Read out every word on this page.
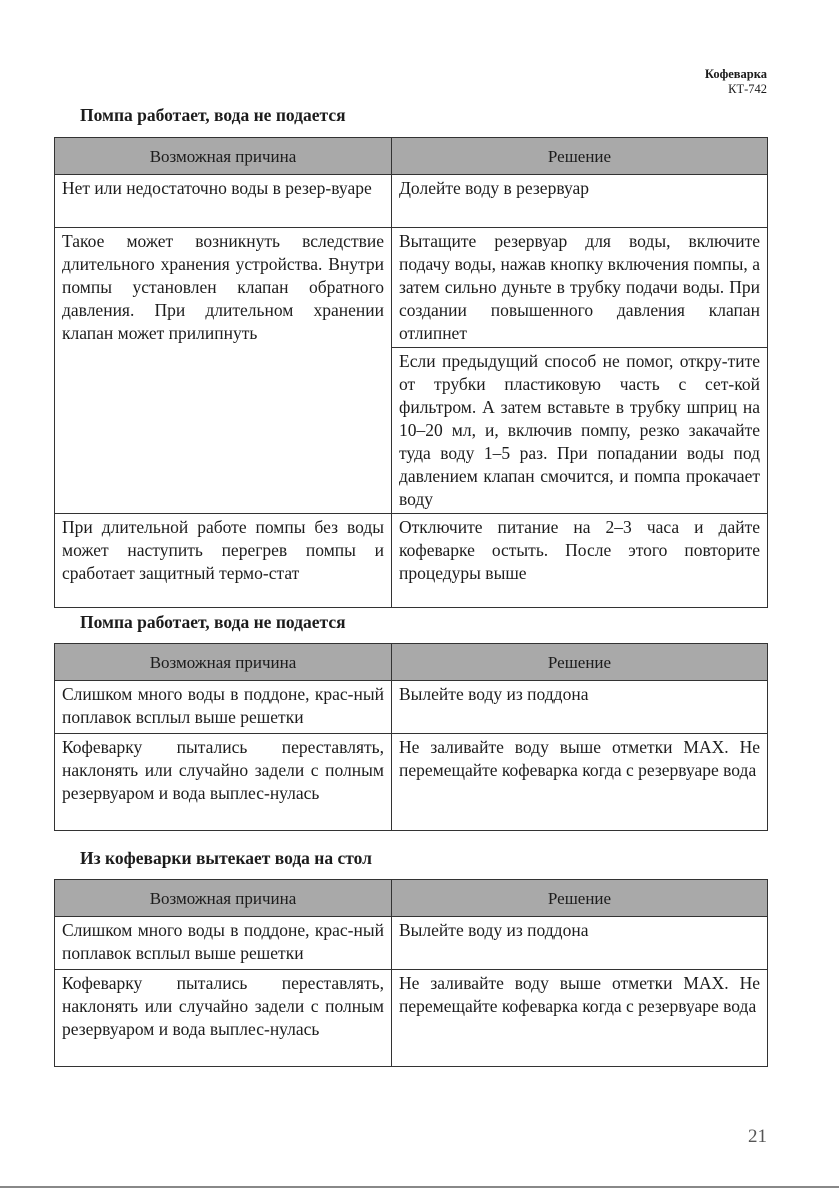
Кофеварка
КТ-742
Помпа работает, вода не подается
Возможная причина	Решение
Нет или недостаточно воды в резер-вуаре	Долейте воду в резервуар
Такое может возникнуть вследствие длительного хранения устройства. Внутри помпы установлен клапан обратного давления. При длительном хранении клапан может прилипнуть	Вытащите резервуар для воды, включите подачу воды, нажав кнопку включения помпы, а затем сильно дуньте в трубку подачи воды. При создании повышенного давления клапан отлипнет
	Если предыдущий способ не помог, откру-тите от трубки пластиковую часть с сет-кой фильтром. А затем вставьте в трубку шприц на 10–20 мл, и, включив помпу, резко закачайте туда воду 1–5 раз. При попадании воды под давлением клапан смочится, и помпа прокачает воду
При длительной работе помпы без воды может наступить перегрев помпы и сработает защитный термо-стат	Отключите питание на 2–3 часа и дайте кофеварке остыть. После этого повторите процедуры выше
Помпа работает, вода не подается
Возможная причина	Решение
Слишком много воды в поддоне, крас-ный поплавок всплыл выше решетки	Вылейте воду из поддона
Кофеварку пытались переставлять, наклонять или случайно задели с полным резервуаром и вода выплес-нулась	Не заливайте воду выше отметки MAX. Не перемещайте кофеварка когда с резервуаре вода
Из кофеварки вытекает вода на стол
Возможная причина	Решение
Слишком много воды в поддоне, крас-ный поплавок всплыл выше решетки	Вылейте воду из поддона
Кофеварку пытались переставлять, наклонять или случайно задели с полным резервуаром и вода выплес-нулась	Не заливайте воду выше отметки MAX. Не перемещайте кофеварка когда с резервуаре вода
21
